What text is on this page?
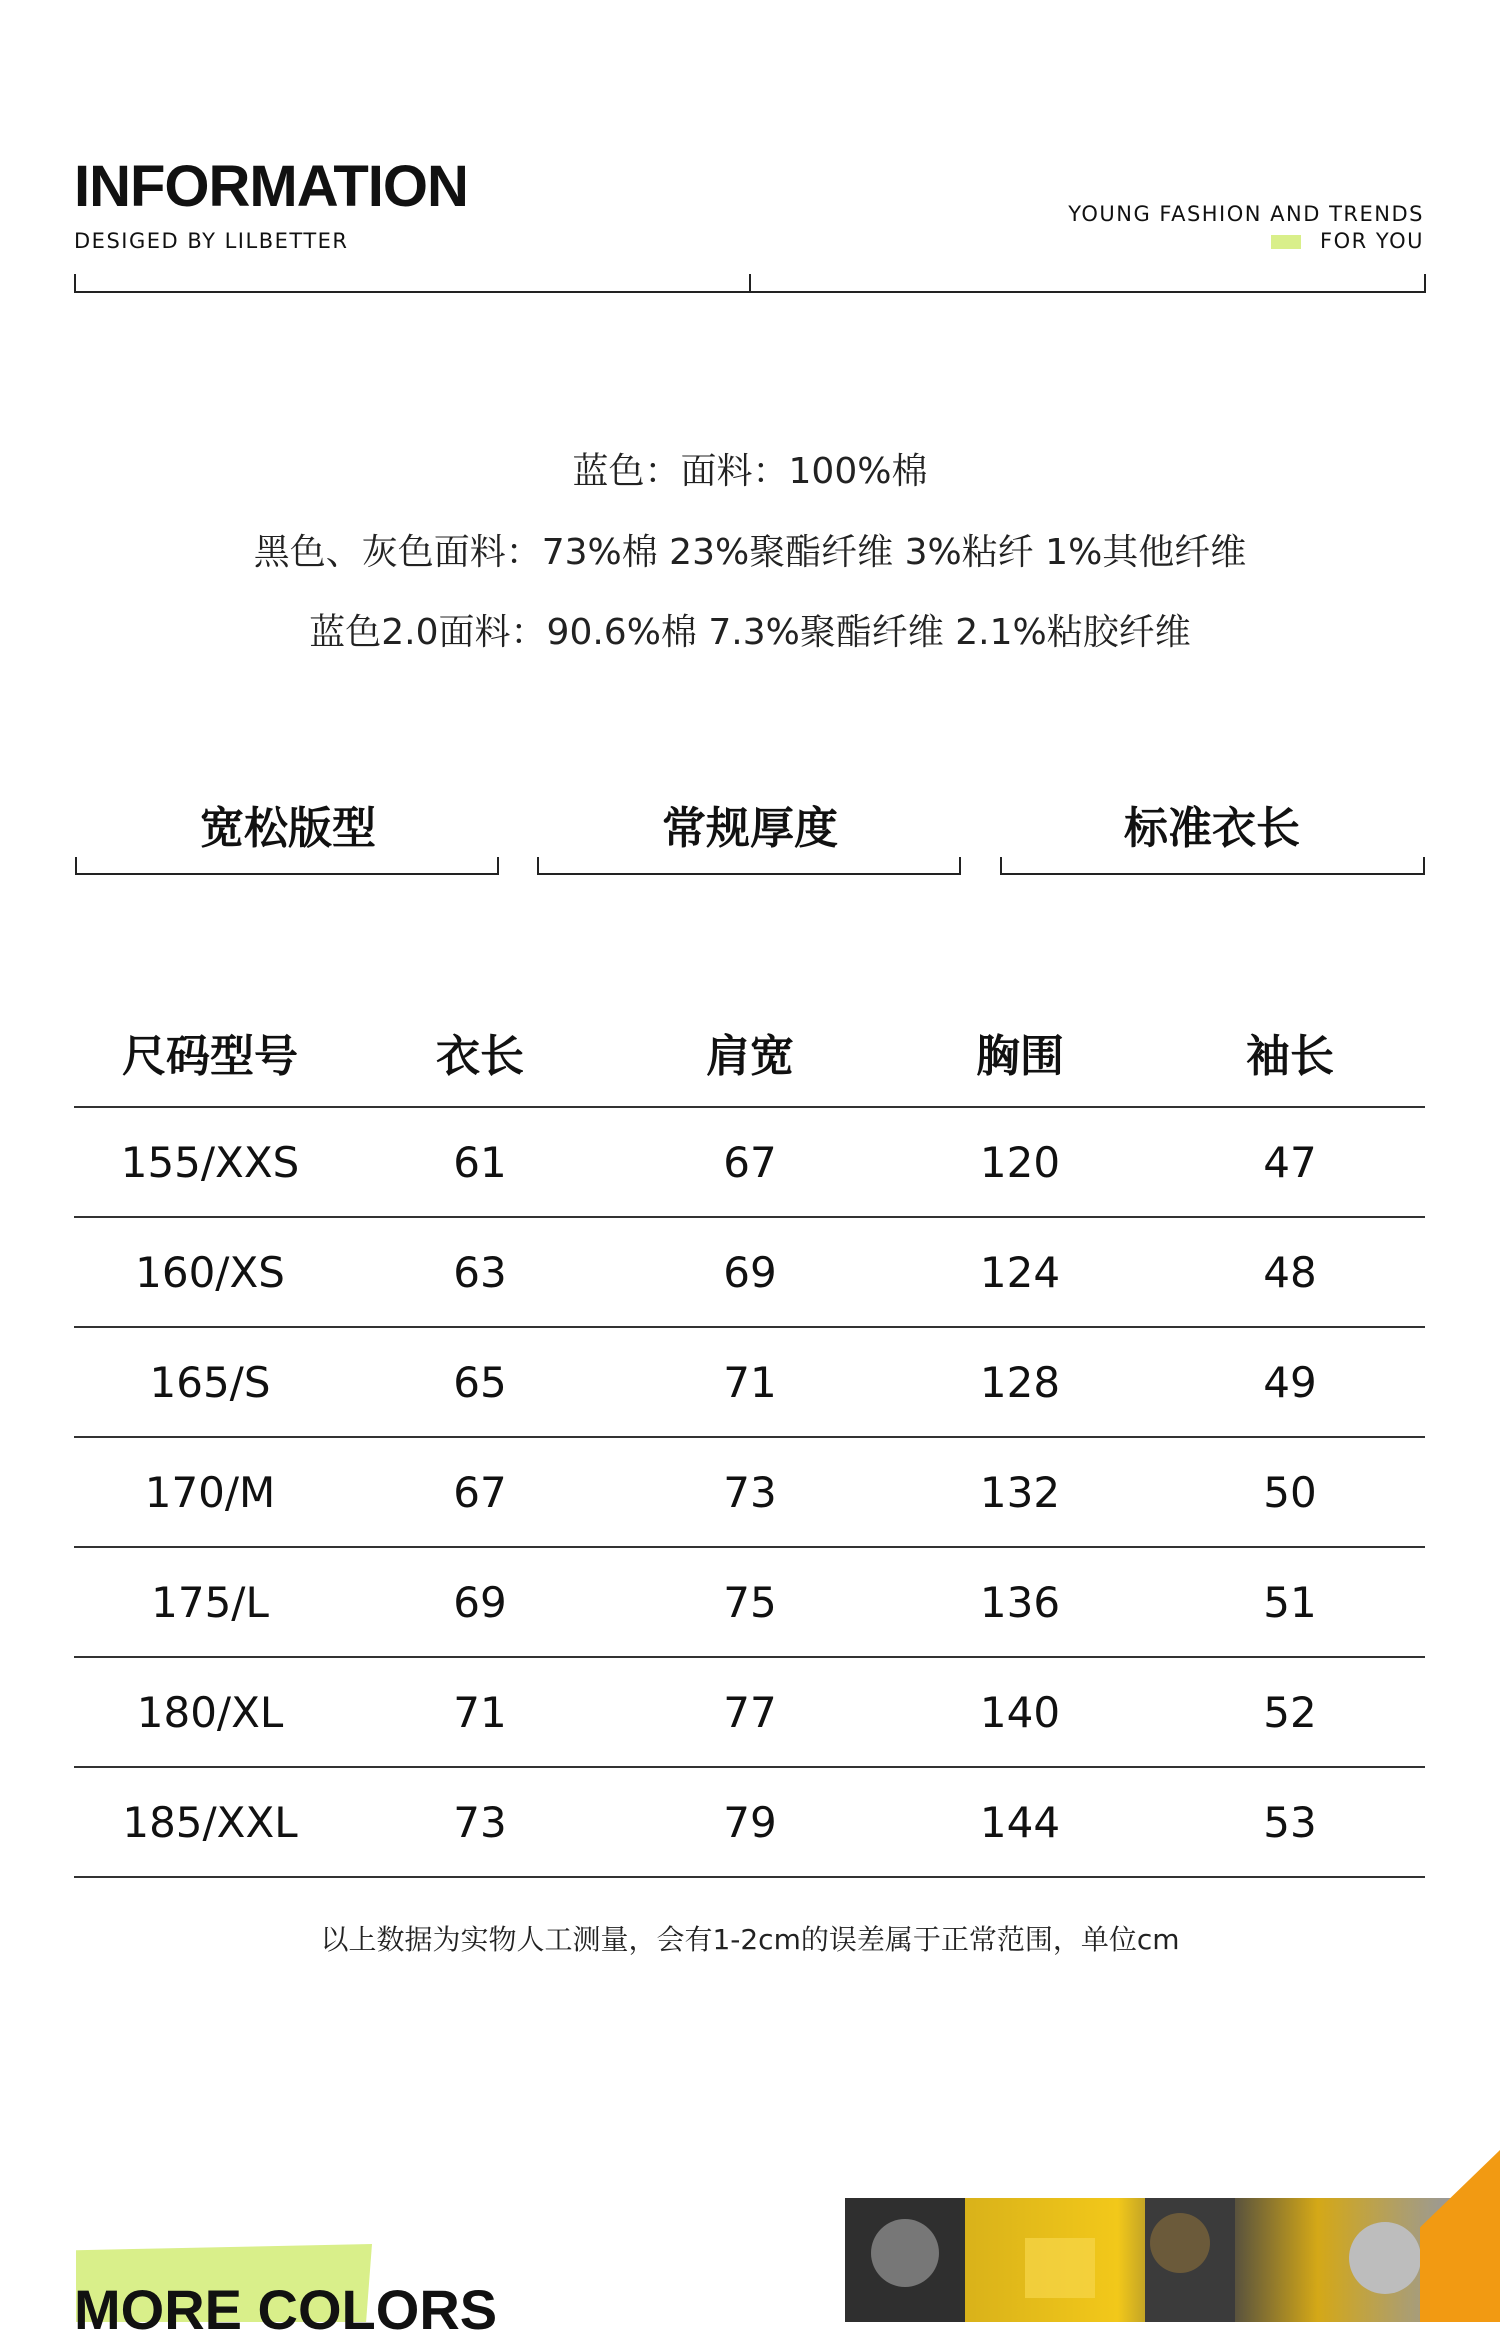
INFORMATION
DESIGED BY LILBETTER
YOUNG FASHION AND TRENDS
FOR YOU
蓝色：面料：100%棉
黑色、灰色面料：73%棉 23%聚酯纤维 3%粘纤 1%其他纤维
蓝色2.0面料：90.6%棉 7.3%聚酯纤维 2.1%粘胶纤维
宽松版型	常规厚度	标准衣长
尺码型号	衣长	肩宽	胸围	袖长
155/XXS	61	67	120	47
160/XS	63	69	124	48
165/S	65	71	128	49
170/M	67	73	132	50
175/L	69	75	136	51
180/XL	71	77	140	52
185/XXL	73	79	144	53
以上数据为实物人工测量，会有1-2cm的误差属于正常范围，单位cm
MORE COLORS
